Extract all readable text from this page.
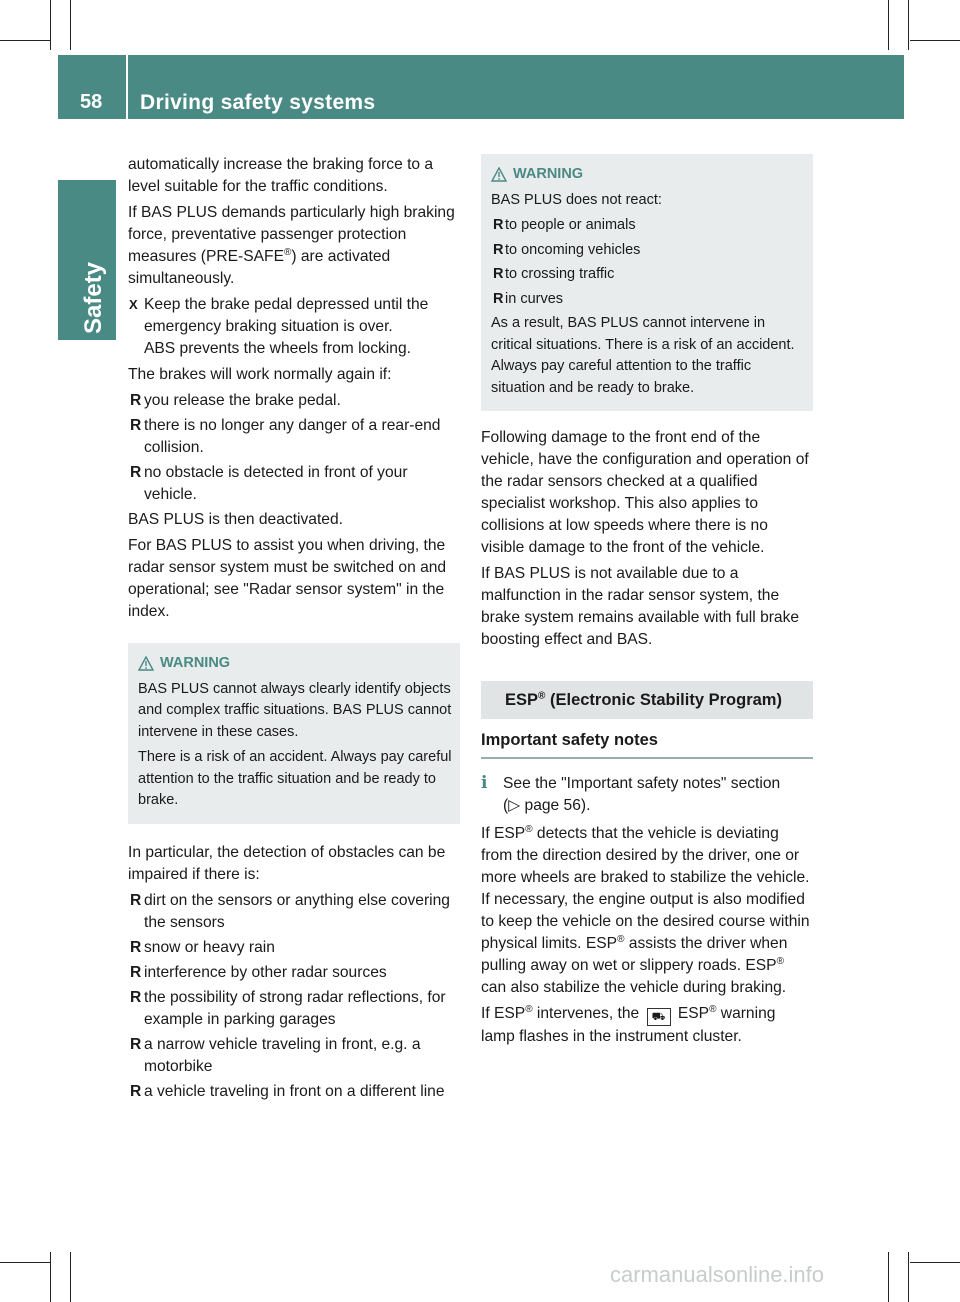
58 Driving safety systems
Safety

automatically increase the braking force to a level suitable for the traffic conditions.

If BAS PLUS demands particularly high braking force, preventative passenger protection measures (PRE-SAFE®) are activated simultaneously.

X Keep the brake pedal depressed until the emergency braking situation is over.
ABS prevents the wheels from locking.

The brakes will work normally again if:

R you release the brake pedal.
R there is no longer any danger of a rear-end collision.
R no obstacle is detected in front of your vehicle.

BAS PLUS is then deactivated.

For BAS PLUS to assist you when driving, the radar sensor system must be switched on and operational; see "Radar sensor system" in the index.

WARNING

BAS PLUS cannot always clearly identify objects and complex traffic situations. BAS PLUS cannot intervene in these cases.

There is a risk of an accident. Always pay careful attention to the traffic situation and be ready to brake.

In particular, the detection of obstacles can be impaired if there is:

R dirt on the sensors or anything else covering the sensors
R snow or heavy rain
R interference by other radar sources
R the possibility of strong radar reflections, for example in parking garages
R a narrow vehicle traveling in front, e.g. a motorbike
R a vehicle traveling in front on a different line
WARNING

BAS PLUS does not react:

R to people or animals
R to oncoming vehicles
R to crossing traffic
R in curves

As a result, BAS PLUS cannot intervene in critical situations. There is a risk of an accident. Always pay careful attention to the traffic situation and be ready to brake.

Following damage to the front end of the vehicle, have the configuration and operation of the radar sensors checked at a qualified specialist workshop. This also applies to collisions at low speeds where there is no visible damage to the front of the vehicle.

If BAS PLUS is not available due to a malfunction in the radar sensor system, the brake system remains available with full brake boosting effect and BAS.

ESP® (Electronic Stability Program)
Important safety notes
i See the "Important safety notes" section
(▷ page 56).

If ESP® detects that the vehicle is deviating from the direction desired by the driver, one or more wheels are braked to stabilize the vehicle. If necessary, the engine output is also modified to keep the vehicle on the desired course within physical limits. ESP® assists the driver when pulling away on wet or slippery roads. ESP® can also stabilize the vehicle during braking.

If ESP® intervenes, the ⛟ ESP® warning lamp flashes in the instrument cluster.

carmanualsonline.info
